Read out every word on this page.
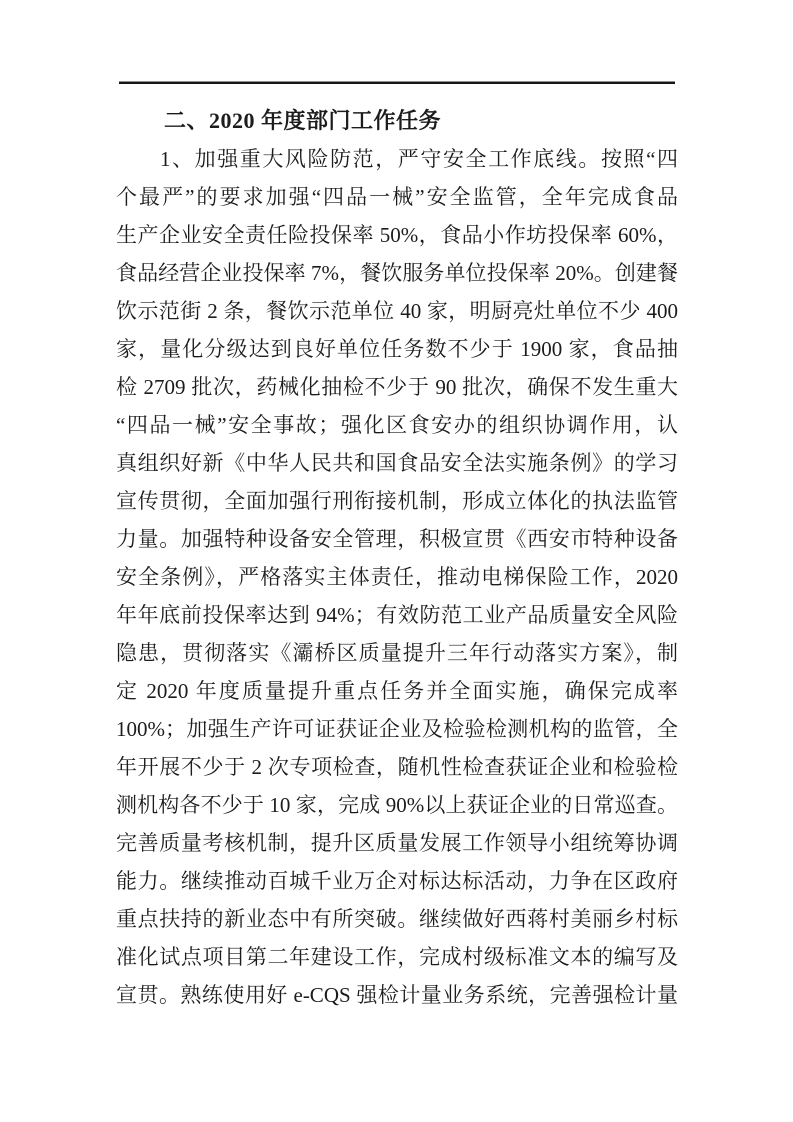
二、2020 年度部门工作任务
1、加强重大风险防范，严守安全工作底线。按照“四
个最严”的要求加强“四品一械”安全监管，全年完成食品
生产企业安全责任险投保率 50%，食品小作坊投保率 60%，
食品经营企业投保率 7%，餐饮服务单位投保率 20%。创建餐
饮示范街 2 条，餐饮示范单位 40 家，明厨亮灶单位不少 400
家，量化分级达到良好单位任务数不少于 1900 家，食品抽
检 2709 批次，药械化抽检不少于 90 批次，确保不发生重大
“四品一械”安全事故；强化区食安办的组织协调作用，认
真组织好新《中华人民共和国食品安全法实施条例》的学习
宣传贯彻，全面加强行刑衔接机制，形成立体化的执法监管
力量。加强特种设备安全管理，积极宣贯《西安市特种设备
安全条例》，严格落实主体责任，推动电梯保险工作，2020
年年底前投保率达到 94%；有效防范工业产品质量安全风险
隐患，贯彻落实《灞桥区质量提升三年行动落实方案》，制
定 2020 年度质量提升重点任务并全面实施，确保完成率
100%；加强生产许可证获证企业及检验检测机构的监管，全
年开展不少于 2 次专项检查，随机性检查获证企业和检验检
测机构各不少于 10 家，完成 90%以上获证企业的日常巡查。
完善质量考核机制，提升区质量发展工作领导小组统筹协调
能力。继续推动百城千业万企对标达标活动，力争在区政府
重点扶持的新业态中有所突破。继续做好西蒋村美丽乡村标
准化试点项目第二年建设工作，完成村级标准文本的编写及
宣贯。熟练使用好 e-CQS 强检计量业务系统，完善强检计量
